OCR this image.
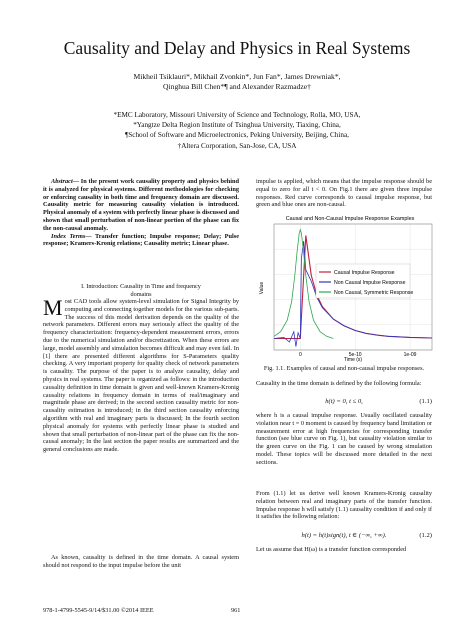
Causality and Delay and Physics in Real Systems
Mikheil Tsiklauri*, Mikhail Zvonkin*, Jun Fan*, James Drewniak*,
Qinghua Bill Chen*¶ and Alexander Razmadze†
*EMC Laboratory, Missouri University of Science and Technology, Rolla, MO, USA,
*Yangtze Delta Region Institute of Tsinghua University, Tiaxing, China,
¶School of Software and Microelectronics, Peking University, Beijing, China,
†Altera Corporation, San-Jose, CA, USA

Abstract— In the present work causality property and physics behind it is analyzed for physical systems. Different methodologies for checking or enforcing causality in both time and frequency domain are discussed. Causality metric for measuring causality violation is introduced. Physical anomaly of a system with perfectly linear phase is discussed and shown that small perturbation of non-linear portion of the phase can fix the non-causal anomaly.

Index Terms— Transfer function; Impulse response; Delay; Pulse response; Kramers-Kronig relations; Causality metric; Linear phase.

I. Introduction: Causality in Time and frequency
domains
Most CAD tools allow system-level simulation for Signal Integrity by computing and connecting together models for the various sub-parts. The success of this model derivation depends on the quality of the network parameters. Different errors may seriously affect the quality of the frequency characterization: frequency-dependent measurement errors, errors due to the numerical simulation and/or discretization. When these errors are large, model assembly and simulation becomes difficult and may even fail. In [1] there are presented different algorithms for S-Parameters quality checking. A very important property for quality check of network parameters is causality. The purpose of the paper is to analyze causality, delay and physics in real systems. The paper is organized as follows: in the introduction causality definition in time domain is given and well-known Kramers-Kronig causality relations in frequency domain in terms of real/imaginary and magnitude phase are derived; in the second section causality metric for non-causality estimation is introduced; in the third section causality enforcing algorithm with real and imaginary parts is discussed; In the fourth section physical anomaly for systems with perfectly linear phase is studied and shown that small perturbation of non-linear part of the phase can fix the non-causal anomaly; In the last section the paper results are summarized and the general conclusions are made.
As known, causality is defined in the time domain. A causal system should not respond to the input impulse before the unit
impulse is applied, which means that the impulse response should be equal to zero for all t < 0. On Fig.1 there are given three impulse responses. Red curve corresponds to causal impulse response, but green and blue ones are non-causal.
Causal and Non-Causal Impulse Response Examples
Value
Time (s)
0	5e-10	1e-09
Causal Impulse Response
Non Causal Impulse Response
Non Causal, Symmetric Response
Fig. 1.1. Examples of causal and non-causal impulse responses.
Causality in the time domain is defined by the following formula:
h(t) = 0, t ≤ 0,	(1.1)
where h is a causal impulse response. Usually oscillated causality violation near t = 0 moment is caused by frequency band limitation or measurement error at high frequencies for corresponding transfer function (see blue curve on Fig. 1), but causality violation similar to the green curve on the Fig. 1 can be caused by wrong simulation model. These topics will be discussed more detailed in the next sections.
From (1.1) let us derive well known Kramers-Kronig causality relation between real and imaginary parts of the transfer function. Impulse response h will satisfy (1.1) causality condition if and only if it satisfies the following relation:
h(t) = h(t)sign(t), t ∈ (−∞, +∞).	(1.2)
Let us assume that H(ω) is a transfer function corresponded
978-1-4799-5545-9/14/$31.00 ©2014 IEEE	961
